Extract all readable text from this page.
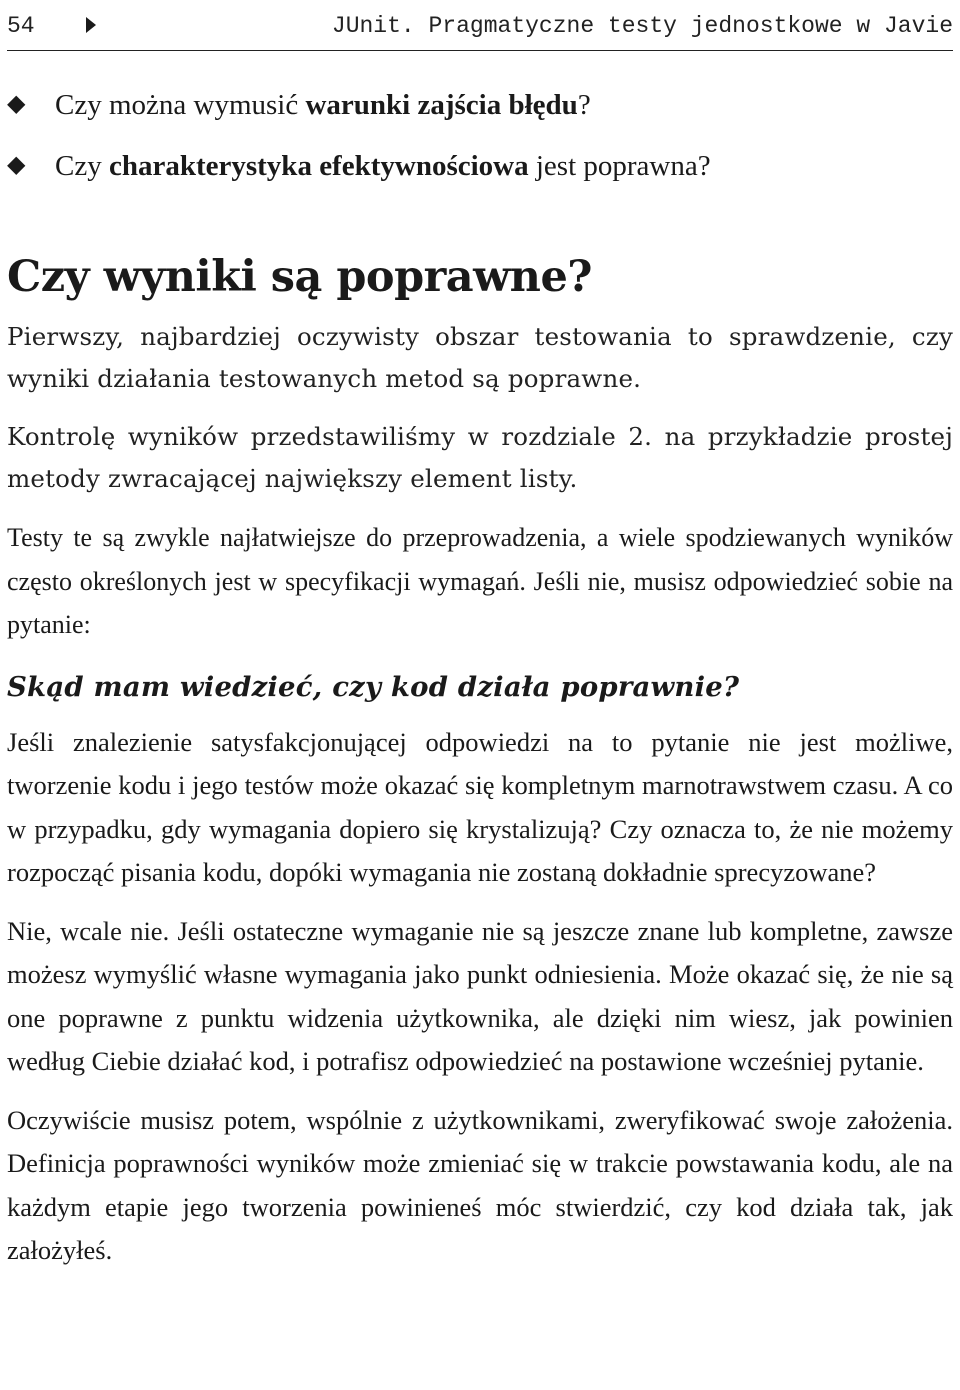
54	JUnit. Pragmatyczne testy jednostkowe w Javie
◆ Czy można wymusić warunki zajścia błędu?
◆ Czy charakterystyka efektywnościowa jest poprawna?
Czy wyniki są poprawne?

Pierwszy, najbardziej oczywisty obszar testowania to sprawdzenie, czy wyniki działania testowanych metod są poprawne.

Kontrolę wyników przedstawiliśmy w rozdziale 2. na przykładzie prostej metody zwracającej największy element listy.

Testy te są zwykle najłatwiejsze do przeprowadzenia, a wiele spodziewanych wyników często określonych jest w specyfikacji wymagań. Jeśli nie, musisz odpowiedzieć sobie na pytanie:

Skąd mam wiedzieć, czy kod działa poprawnie?

Jeśli znalezienie satysfakcjonującej odpowiedzi na to pytanie nie jest możliwe, tworzenie kodu i jego testów może okazać się kompletnym marnotrawstwem czasu. A co w przypadku, gdy wymagania dopiero się krystalizują? Czy oznacza to, że nie możemy rozpocząć pisania kodu, dopóki wymagania nie zostaną dokładnie sprecyzowane?

Nie, wcale nie. Jeśli ostateczne wymaganie nie są jeszcze znane lub kompletne, zawsze możesz wymyślić własne wymagania jako punkt odniesienia. Może okazać się, że nie są one poprawne z punktu widzenia użytkownika, ale dzięki nim wiesz, jak powinien według Ciebie działać kod, i potrafisz odpowiedzieć na postawione wcześniej pytanie.

Oczywiście musisz potem, wspólnie z użytkownikami, zweryfikować swoje założenia. Definicja poprawności wyników może zmieniać się w trakcie powstawania kodu, ale na każdym etapie jego tworzenia powinieneś móc stwierdzić, czy kod działa tak, jak założyłeś.
